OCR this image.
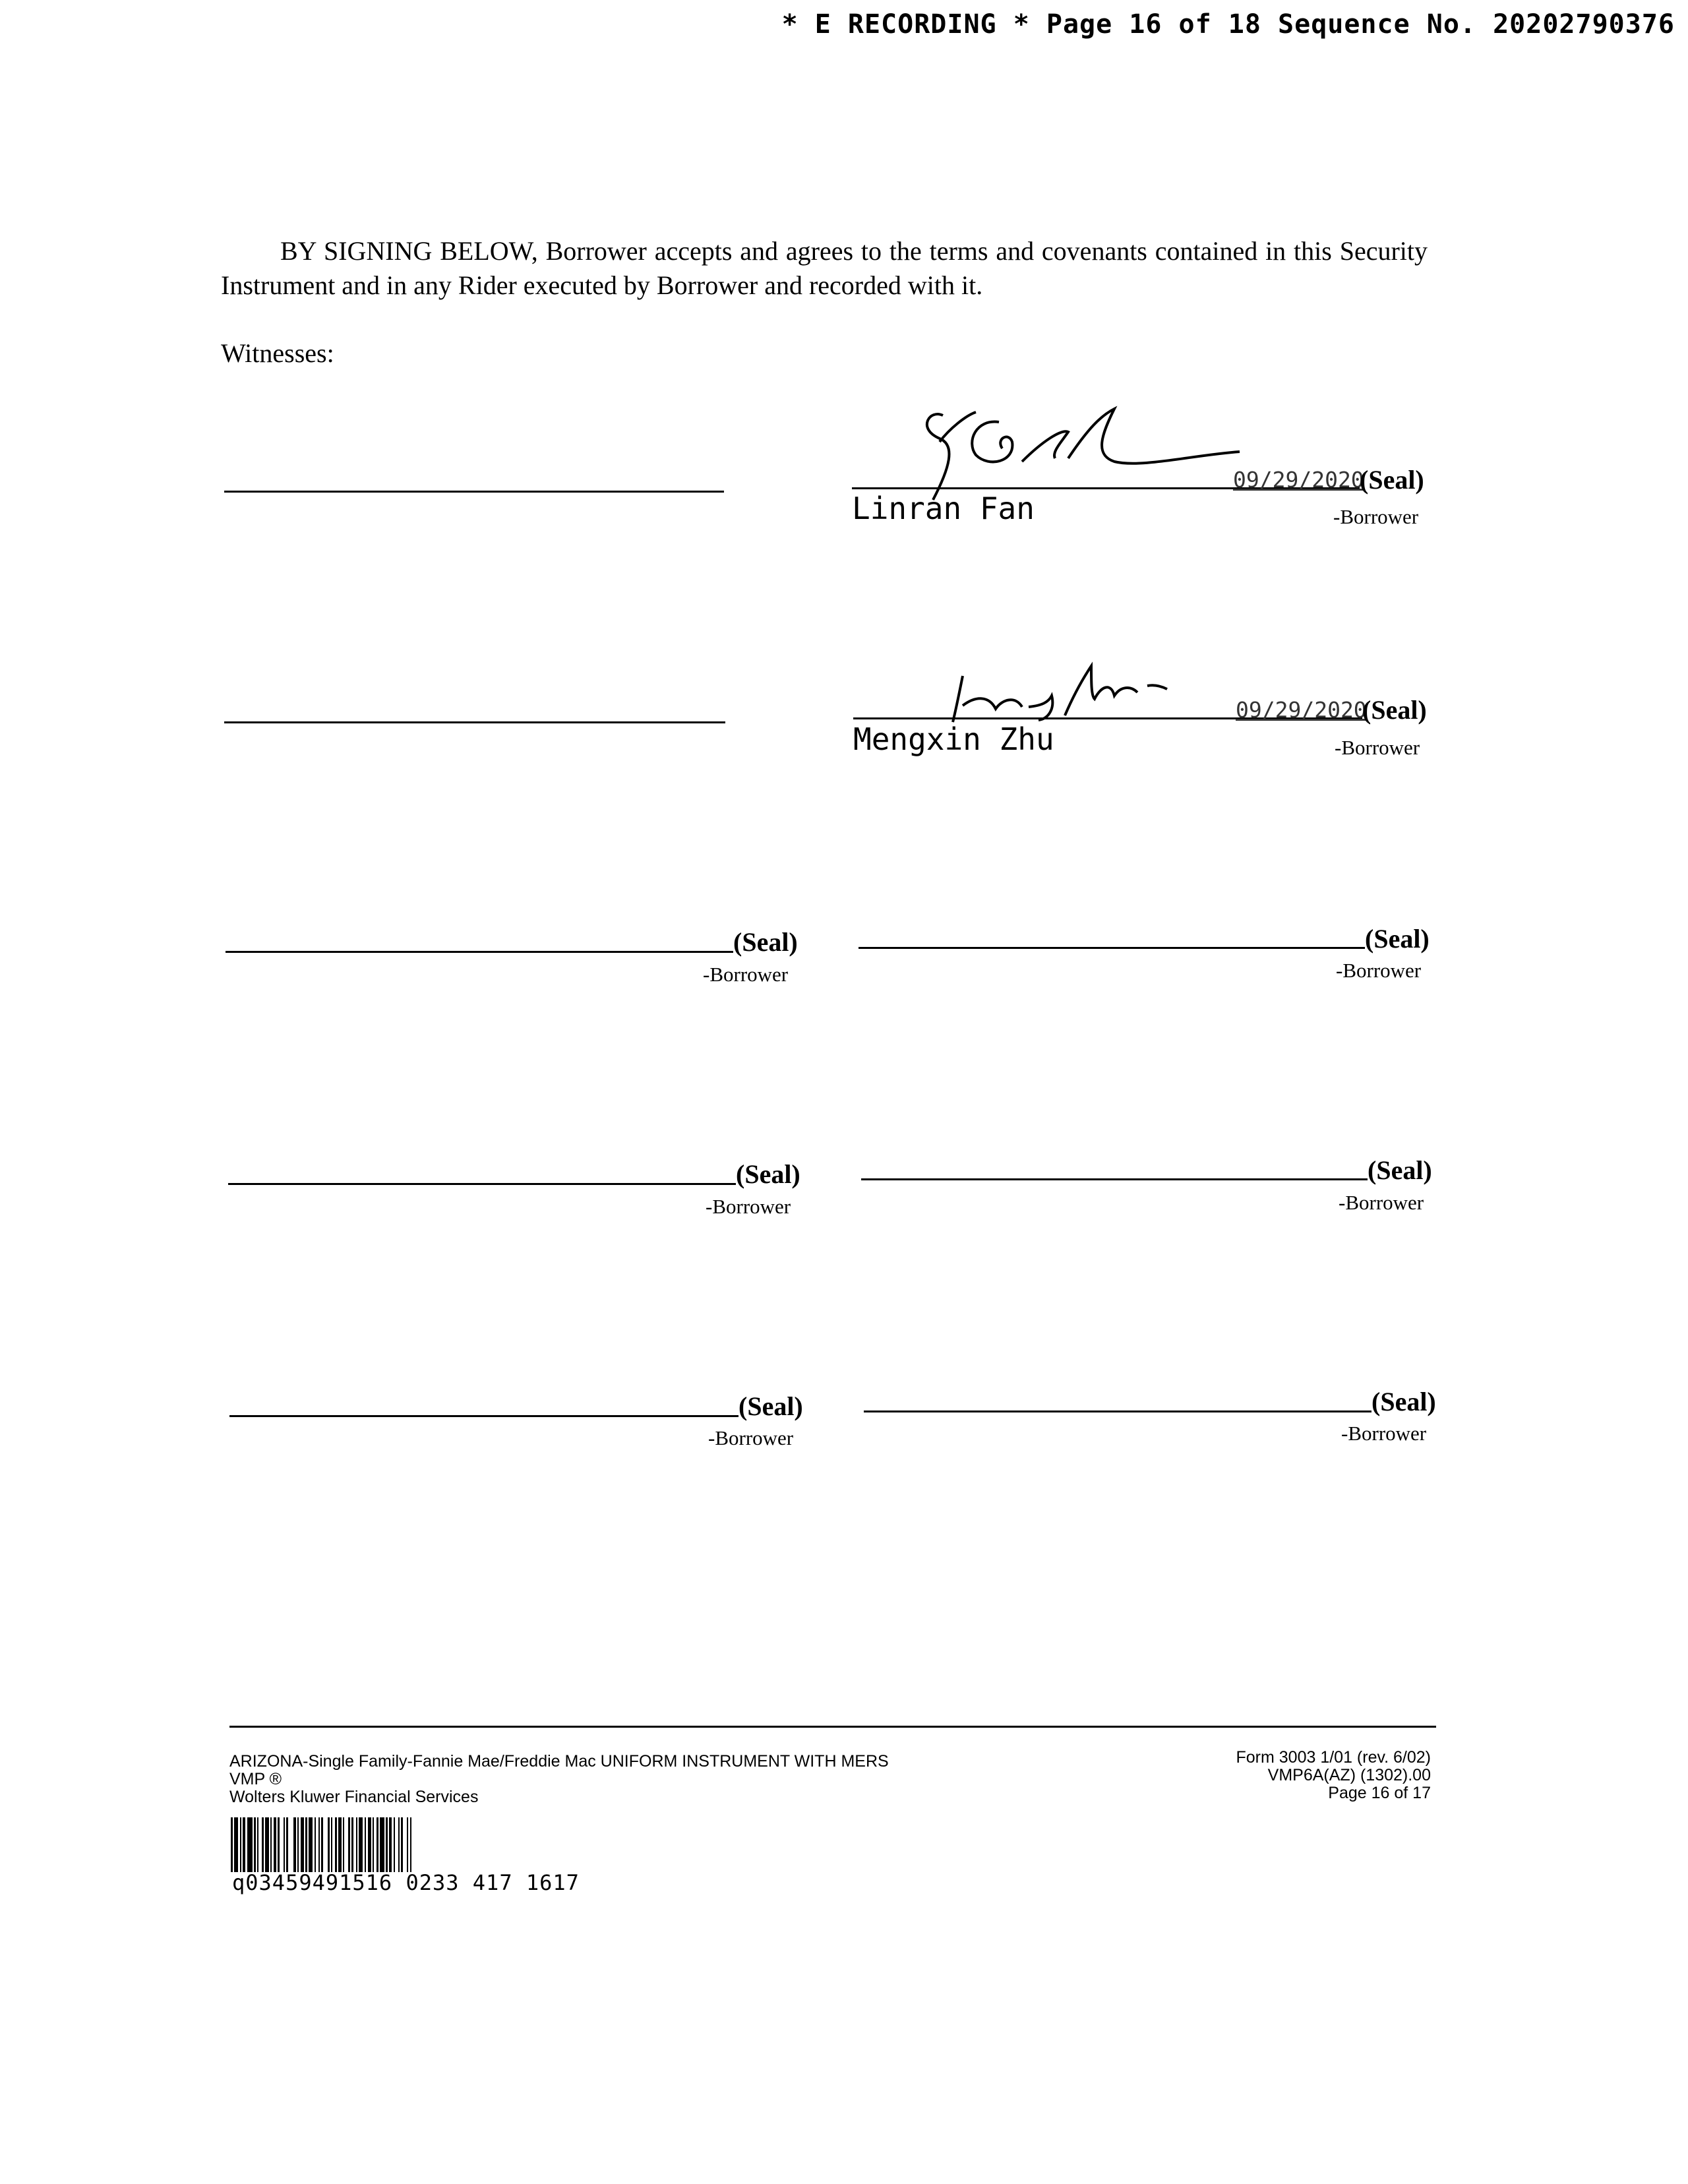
* E RECORDING * Page 16 of 18 Sequence No. 20202790376
BY SIGNING BELOW, Borrower accepts and agrees to the terms and covenants contained in this Security Instrument and in any Rider executed by Borrower and recorded with it.
Witnesses:
09/29/2020
(Seal)
Linran Fan	-Borrower
09/29/2020
(Seal)
Mengxin Zhu	-Borrower
(Seal)
-Borrower
(Seal)
-Borrower
(Seal)
-Borrower
(Seal)
-Borrower
(Seal)
-Borrower
(Seal)
-Borrower
ARIZONA-Single Family-Fannie Mae/Freddie Mac UNIFORM INSTRUMENT WITH MERS
VMP ®
Wolters Kluwer Financial Services
Form 3003 1/01 (rev. 6/02)
VMP6A(AZ) (1302).00
Page 16 of 17
q03459491516 0233 417 1617
